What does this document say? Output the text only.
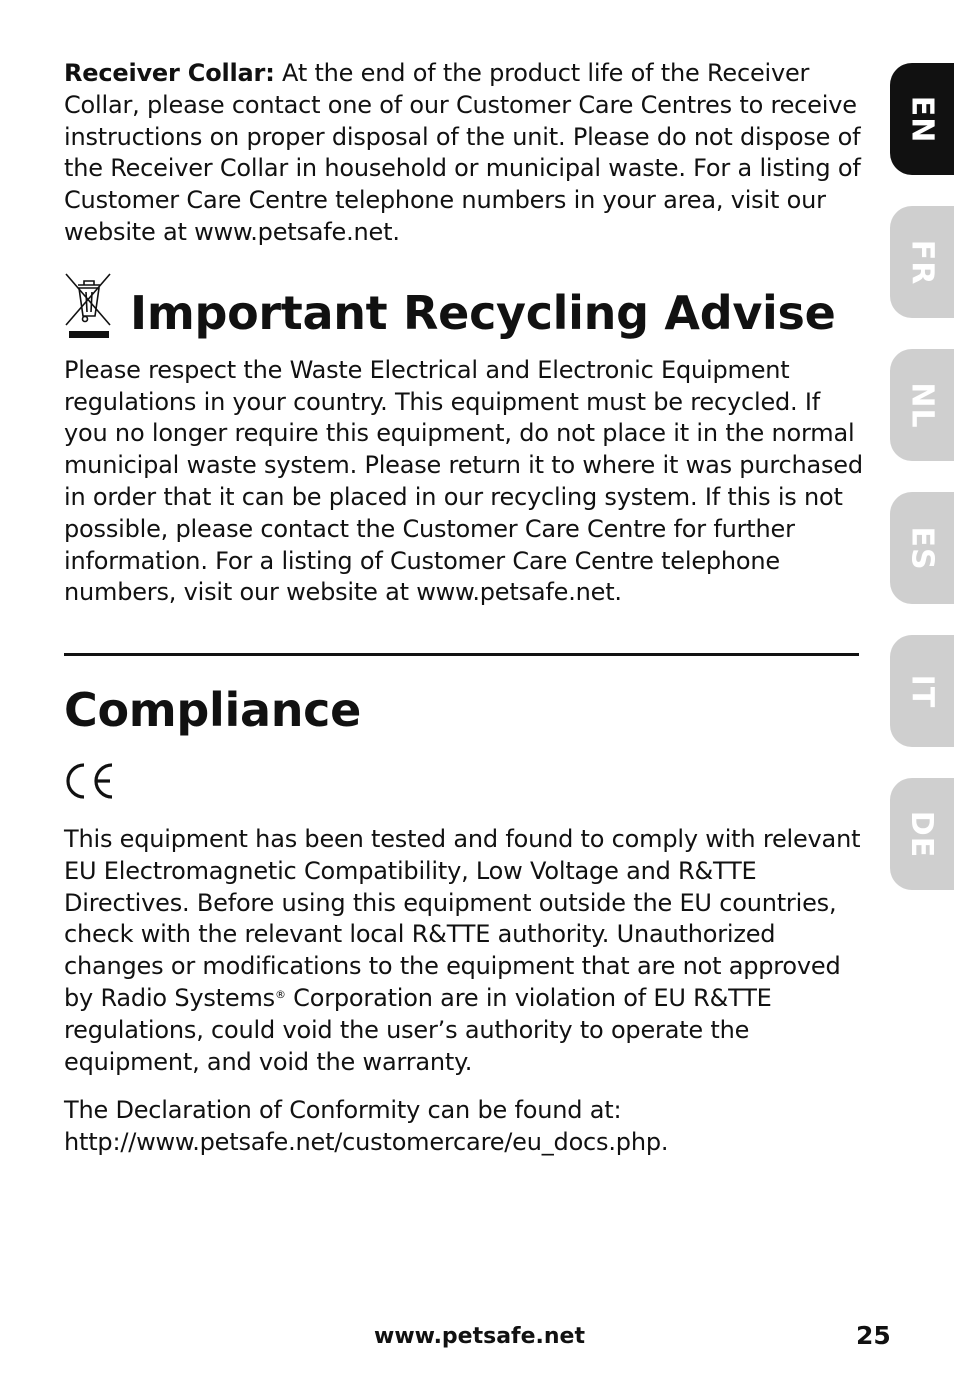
Receiver Collar: At the end of the product life of the Receiver Collar, please contact one of our Customer Care Centres to receive instructions on proper disposal of the unit. Please do not dispose of the Receiver Collar in household or municipal waste. For a listing of Customer Care Centre telephone numbers in your area, visit our website at www.petsafe.net.

Important Recycling Advise

Please respect the Waste Electrical and Electronic Equipment regulations in your country. This equipment must be recycled. If you no longer require this equipment, do not place it in the normal municipal waste system. Please return it to where it was purchased in order that it can be placed in our recycling system. If this is not possible, please contact the Customer Care Centre for further information. For a listing of Customer Care Centre telephone numbers, visit our website at www.petsafe.net.

Compliance

This equipment has been tested and found to comply with relevant EU Electromagnetic Compatibility, Low Voltage and R&TTE Directives. Before using this equipment outside the EU countries, check with the relevant local R&TTE authority. Unauthorized changes or modifications to the equipment that are not approved by Radio Systems® Corporation are in violation of EU R&TTE regulations, could void the user’s authority to operate the equipment, and void the warranty.

The Declaration of Conformity can be found at:
http://www.petsafe.net/customercare/eu_docs.php.

www.petsafe.net	25
EN
FR
NL
ES
IT
DE
